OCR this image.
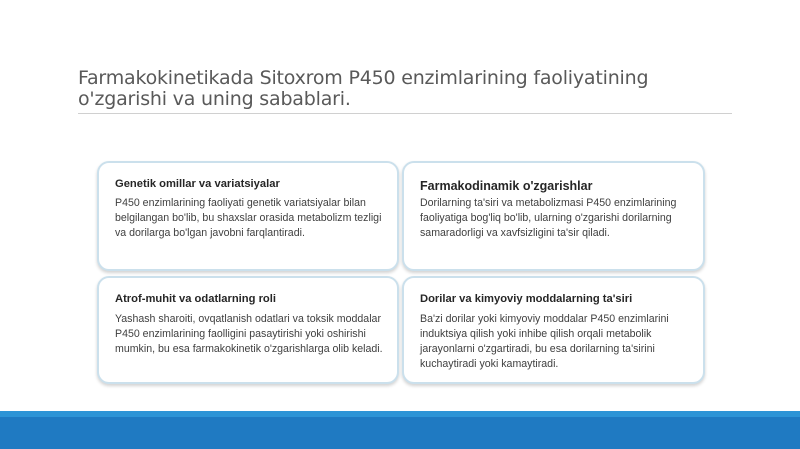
Farmakokinetikada Sitoxrom P450 enzimlarining faoliyatining o'zgarishi va uning sabablari.
Genetik omillar va variatsiyalar

P450 enzimlarining faoliyati genetik variatsiyalar bilan belgilangan bo'lib, bu shaxslar orasida metabolizm tezligi va dorilarga bo'lgan javobni farqlantiradi.

Farmakodinamik o'zgarishlar

Dorilarning ta'siri va metabolizmasi P450 enzimlarining faoliyatiga bog'liq bo'lib, ularning o'zgarishi dorilarning samaradorligi va xavfsizligini ta'sir qiladi.

Atrof-muhit va odatlarning roli

Yashash sharoiti, ovqatlanish odatlari va toksik moddalar P450 enzimlarining faolligini pasaytirishi yoki oshirishi mumkin, bu esa farmakokinetik o'zgarishlarga olib keladi.

Dorilar va kimyoviy moddalarning ta'siri

Ba'zi dorilar yoki kimyoviy moddalar P450 enzimlarini induktsiya qilish yoki inhibe qilish orqali metabolik jarayonlarni o'zgartiradi, bu esa dorilarning ta'sirini kuchaytiradi yoki kamaytiradi.
